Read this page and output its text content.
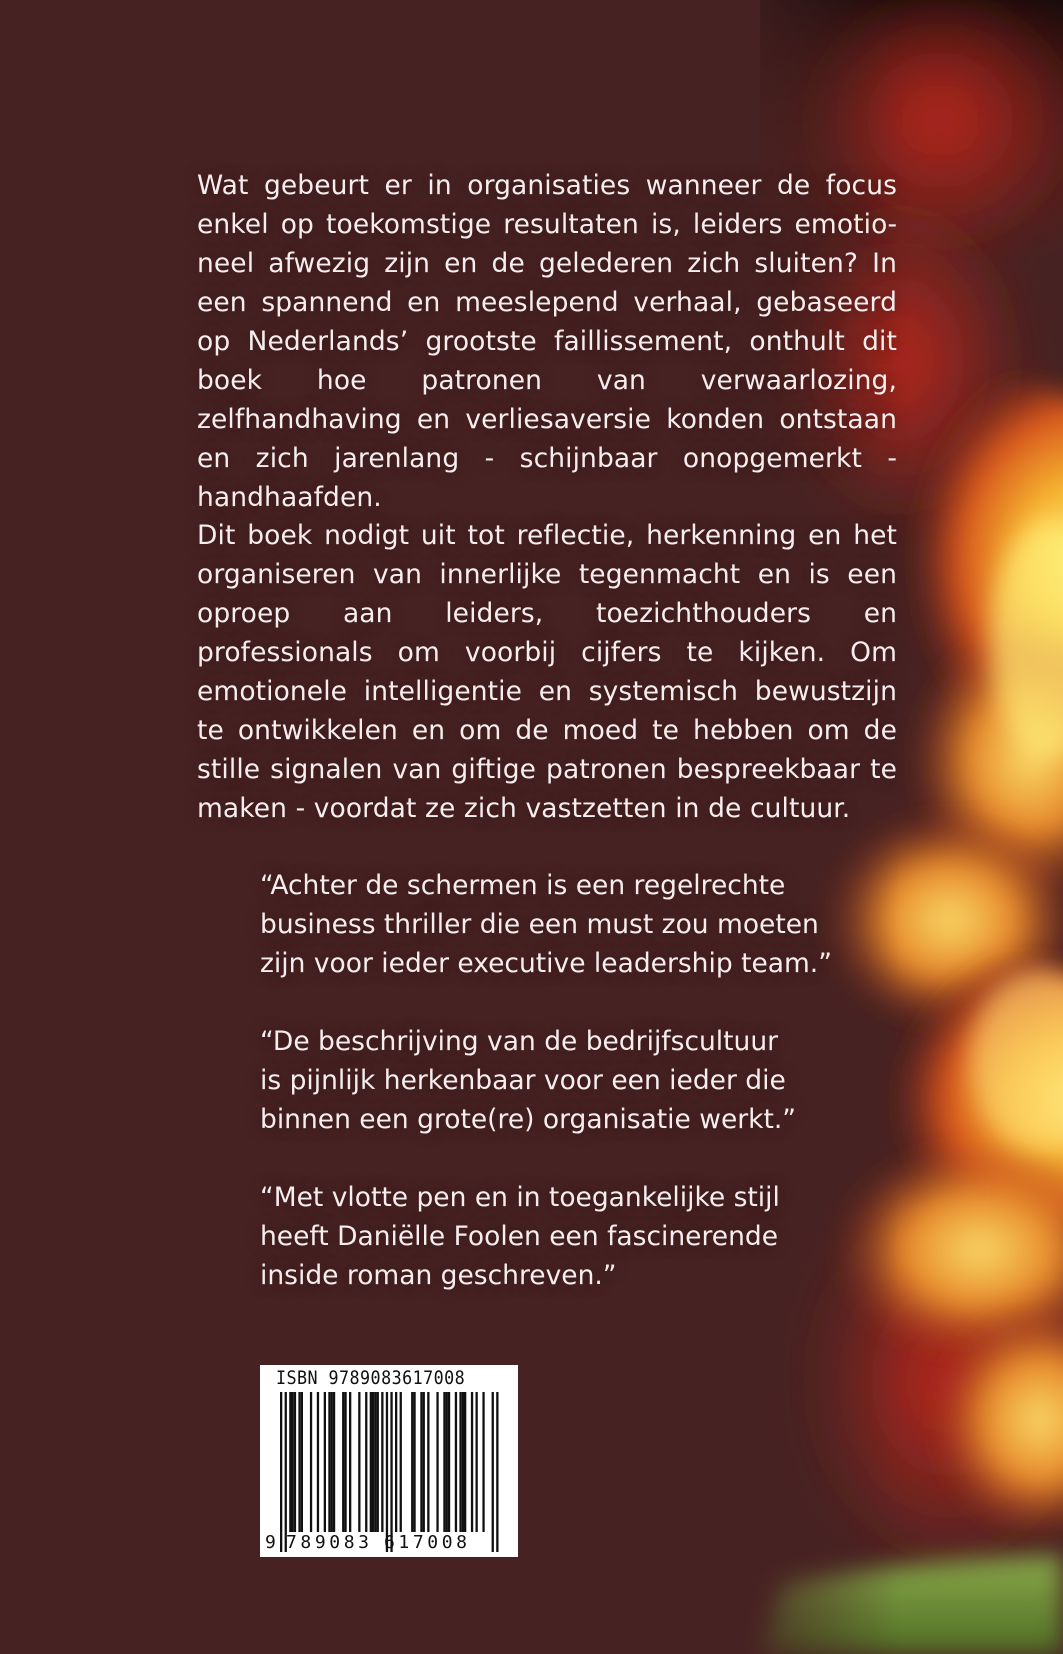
Wat gebeurt er in organisaties wanneer de focus enkel op toekomstige resultaten is, leiders emotioneel afwezig zijn en de gelederen zich sluiten? In een spannend en meeslepend verhaal, gebaseerd op Nederlands’ grootste faillissement, onthult dit boek hoe patronen van verwaarlozing, zelfhandhaving en verliesaversie konden ontstaan en zich jarenlang - schijnbaar onopgemerkt - handhaafden.

Dit boek nodigt uit tot reflectie, herkenning en het organiseren van innerlijke tegenmacht en is een oproep aan leiders, toezichthouders en professionals om voorbij cijfers te kijken. Om emotionele intelligentie en systemisch bewustzijn te ontwikkelen en om de moed te hebben om de stille signalen van giftige patronen bespreekbaar te maken - voordat ze zich vastzetten in de cultuur.

“Achter de schermen is een regelrechte
business thriller die een must zou moeten
zijn voor ieder executive leadership team.”

“De beschrijving van de bedrijfscultuur
is pijnlijk herkenbaar voor een ieder die
binnen een grote(re) organisatie werkt.”

“Met vlotte pen en in toegankelijke stijl
heeft Daniëlle Foolen een fascinerende
inside roman geschreven.”

ISBN 9789083617008
9 789083 617008
